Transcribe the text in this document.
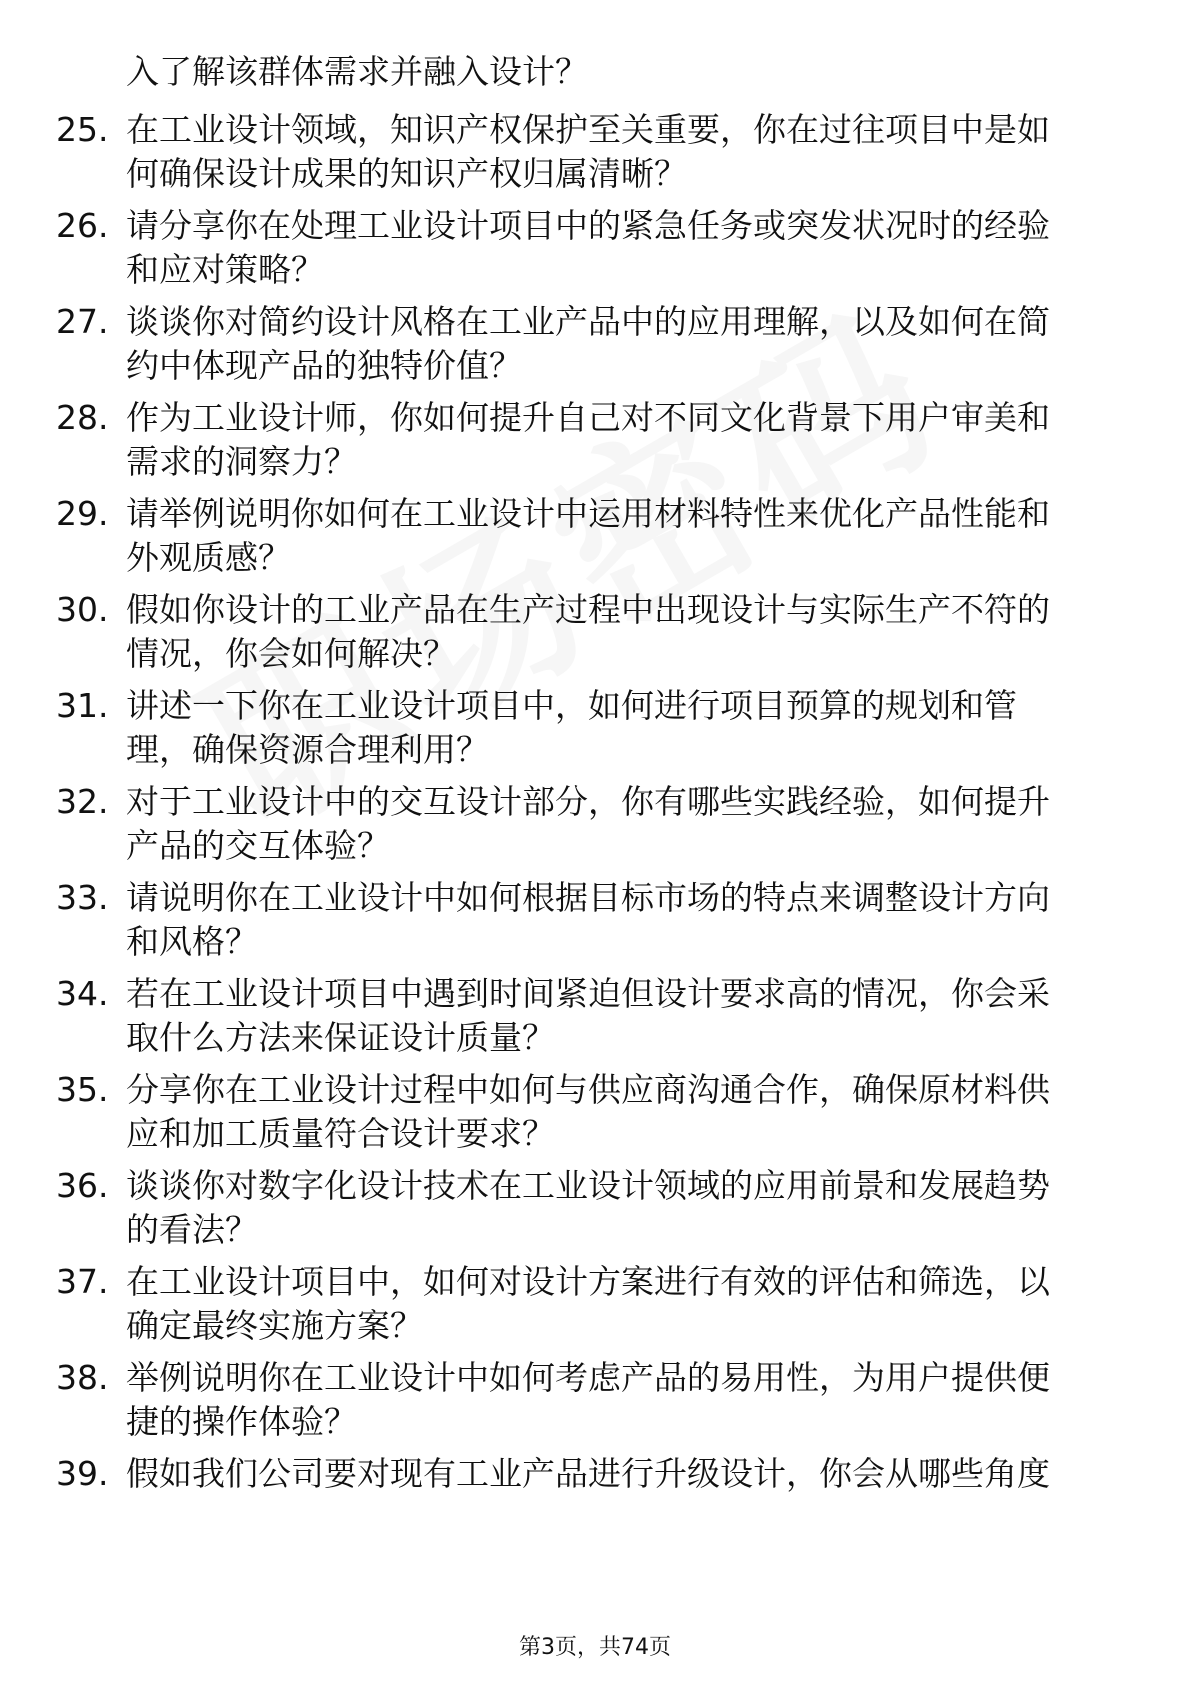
入了解该群体需求并融入设计？

25. 在工业设计领域，知识产权保护至关重要，你在过往项目中是如
何确保设计成果的知识产权归属清晰？
26. 请分享你在处理工业设计项目中的紧急任务或突发状况时的经验
和应对策略？
27. 谈谈你对简约设计风格在工业产品中的应用理解，以及如何在简
约中体现产品的独特价值？
28. 作为工业设计师，你如何提升自己对不同文化背景下用户审美和
需求的洞察力？
29. 请举例说明你如何在工业设计中运用材料特性来优化产品性能和
外观质感？
30. 假如你设计的工业产品在生产过程中出现设计与实际生产不符的
情况，你会如何解决？
31. 讲述一下你在工业设计项目中，如何进行项目预算的规划和管
理，确保资源合理利用？
32. 对于工业设计中的交互设计部分，你有哪些实践经验，如何提升
产品的交互体验？
33. 请说明你在工业设计中如何根据目标市场的特点来调整设计方向
和风格？
34. 若在工业设计项目中遇到时间紧迫但设计要求高的情况，你会采
取什么方法来保证设计质量？
35. 分享你在工业设计过程中如何与供应商沟通合作，确保原材料供
应和加工质量符合设计要求？
36. 谈谈你对数字化设计技术在工业设计领域的应用前景和发展趋势
的看法？
37. 在工业设计项目中，如何对设计方案进行有效的评估和筛选，以
确定最终实施方案？
38. 举例说明你在工业设计中如何考虑产品的易用性，为用户提供便
捷的操作体验？
39. 假如我们公司要对现有工业产品进行升级设计，你会从哪些角度
第3页，共74页
